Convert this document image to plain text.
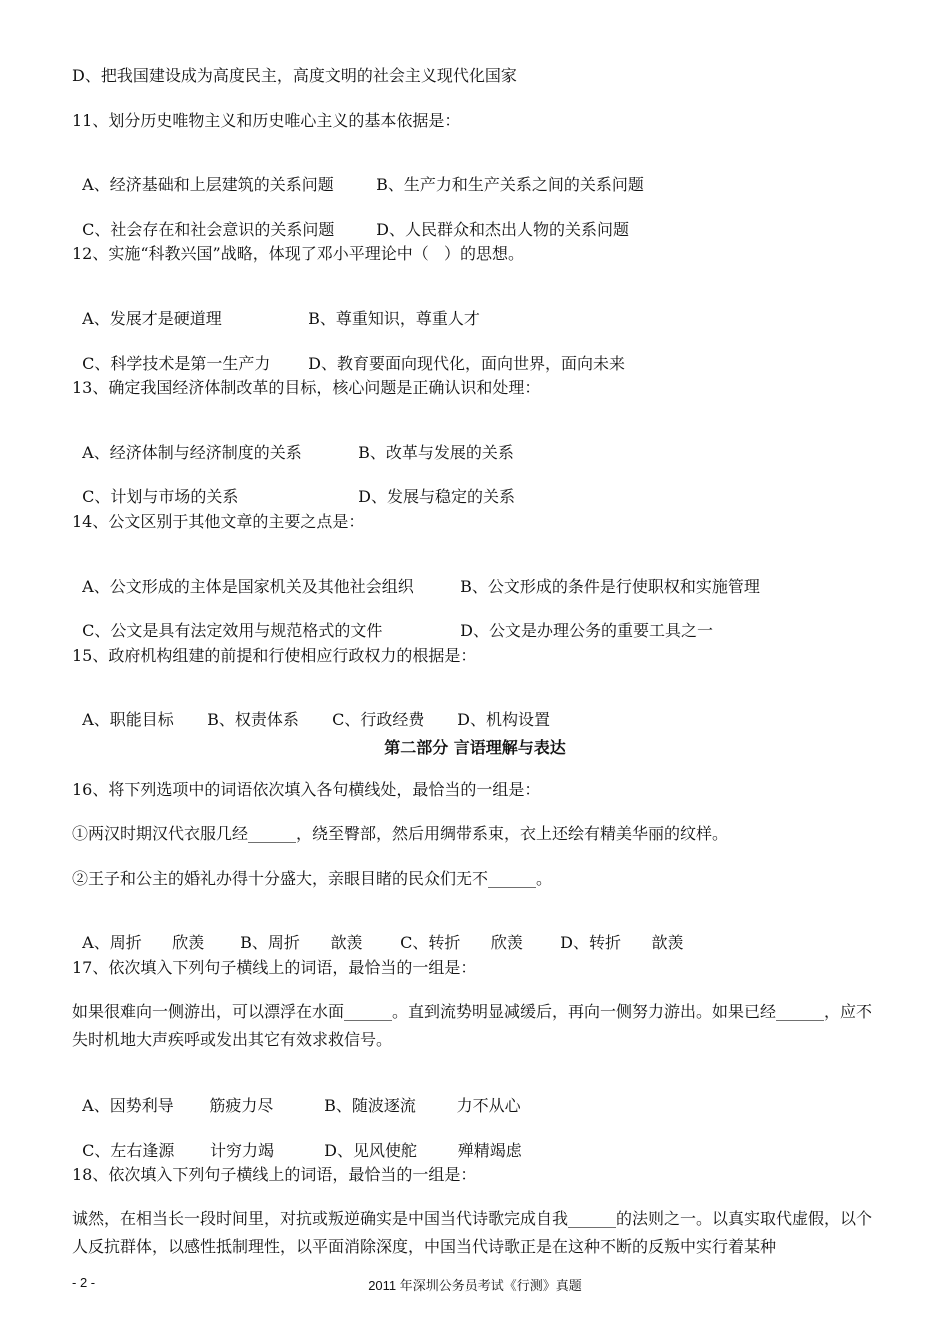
D、把我国建设成为高度民主，高度文明的社会主义现代化国家
11、划分历史唯物主义和历史唯心主义的基本依据是：

A、经济基础和上层建筑的关系问题	B、生产力和生产关系之间的关系问题

C、社会存在和社会意识的关系问题	D、人民群众和杰出人物的关系问题

12、实施“科教兴国”战略，体现了邓小平理论中（   ）的思想。

A、发展才是硬道理	B、尊重知识，尊重人才

C、科学技术是第一生产力 D、教育要面向现代化，面向世界，面向未来

13、确定我国经济体制改革的目标，核心问题是正确认识和处理：

A、经济体制与经济制度的关系	B、改革与发展的关系

C、计划与市场的关系	D、发展与稳定的关系

14、公文区别于其他文章的主要之点是：

A、公文形成的主体是国家机关及其他社会组织	B、公文形成的条件是行使职权和实施管理

C、公文是具有法定效用与规范格式的文件	D、公文是办理公务的重要工具之一

15、政府机构组建的前提和行使相应行政权力的根据是：

A、职能目标 B、权责体系 C、行政经费 D、机构设置

第二部分 言语理解与表达
16、将下列选项中的词语依次填入各句横线处，最恰当的一组是：
①两汉时期汉代衣服几经______，绕至臀部，然后用绸带系束，衣上还绘有精美华丽的纹样。
②王子和公主的婚礼办得十分盛大，亲眼目睹的民众们无不______。

A、周折      欣羡 B、周折      歆羡 C、转折      欣羡 D、转折      歆羡

17、依次填入下列句子横线上的词语，最恰当的一组是：
如果很难向一侧游出，可以漂浮在水面______。直到流势明显减缓后，再向一侧努力游出。如果已经______，应不失时机地大声疾呼或发出其它有效求救信号。

A、因势利导       筋疲力尽	B、随波逐流        力不从心

C、左右逢源       计穷力竭	D、见风使舵        殚精竭虑

18、依次填入下列句子横线上的词语，最恰当的一组是：
诚然，在相当长一段时间里，对抗或叛逆确实是中国当代诗歌完成自我______的法则之一。以真实取代虚假，以个人反抗群体，以感性抵制理性，以平面消除深度，中国当代诗歌正是在这种不断的反叛中实行着某种
- 2 -	2011 年深圳公务员考试《行测》真题
